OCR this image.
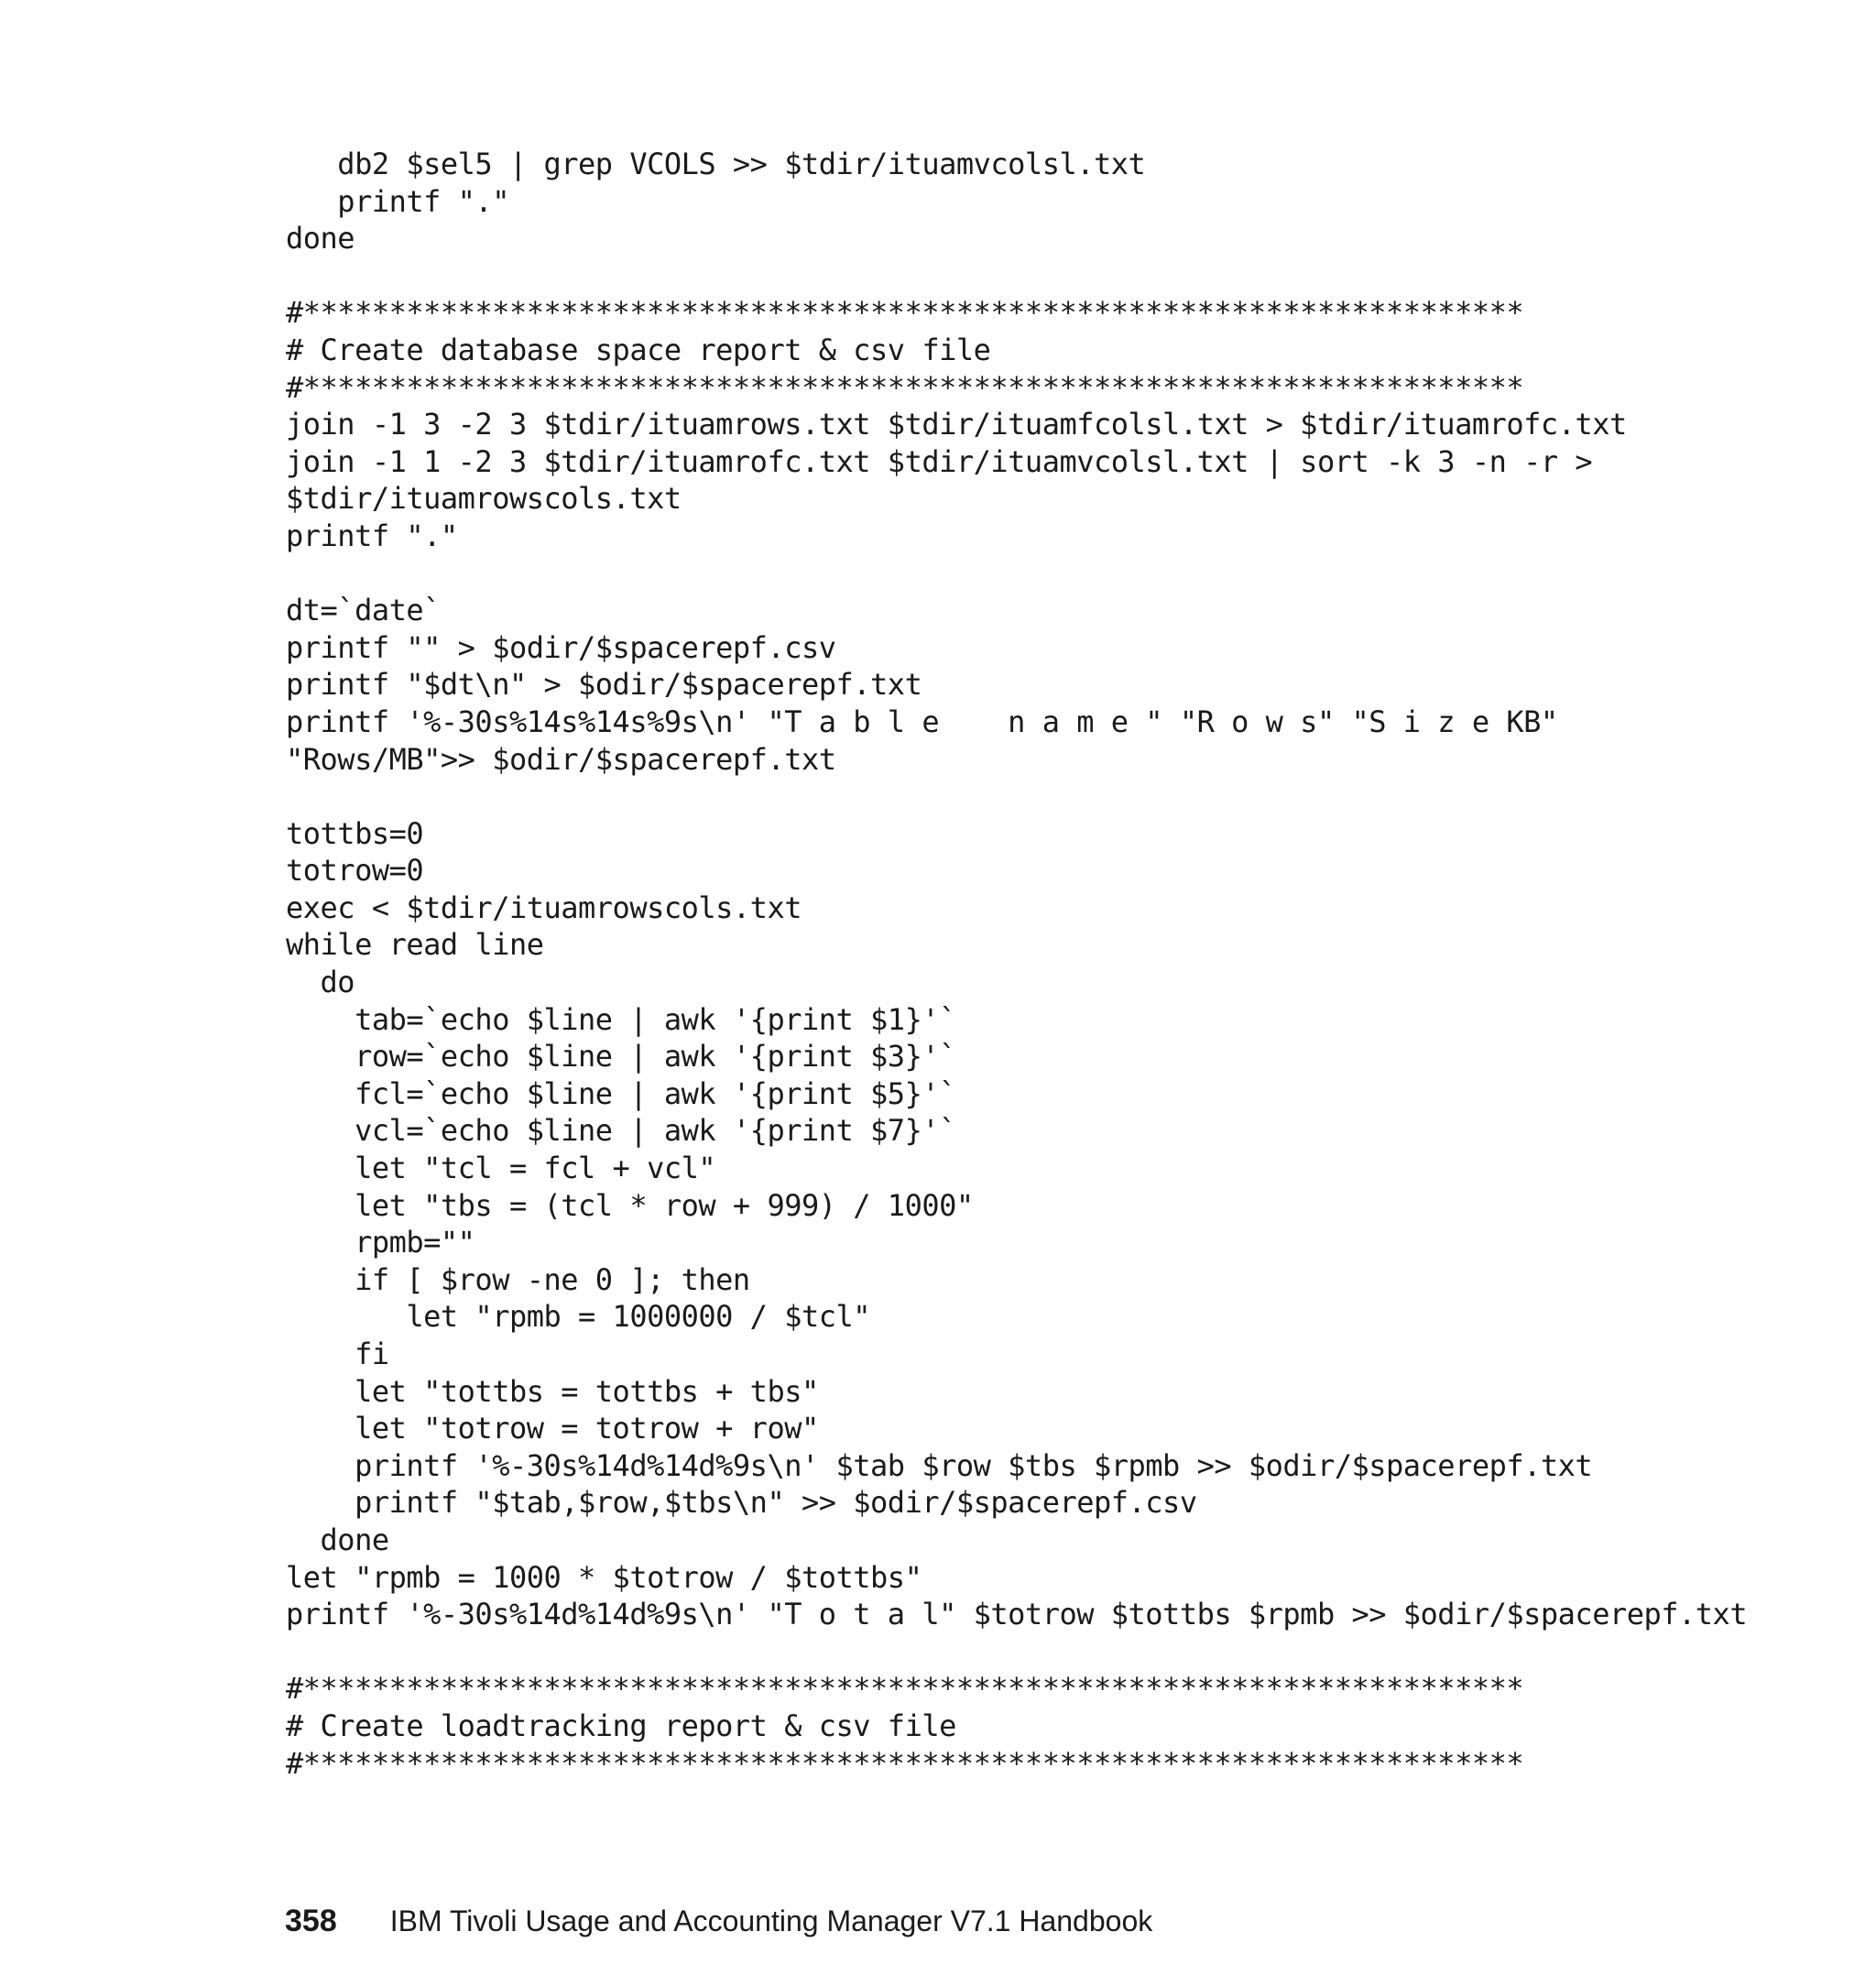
db2 $sel5 | grep VCOLS >> $tdir/ituamvcolsl.txt
printf "."
done
#***********************************************************************
# Create database space report & csv file
#***********************************************************************
join -1 3 -2 3 $tdir/ituamrows.txt $tdir/ituamfcolsl.txt > $tdir/ituamrofc.txt
join -1 1 -2 3 $tdir/ituamrofc.txt $tdir/ituamvcolsl.txt | sort -k 3 -n -r >
$tdir/ituamrowscols.txt
printf "."
dt=`date`
printf "" > $odir/$spacerepf.csv
printf "$dt\n" > $odir/$spacerepf.txt
printf '%-30s%14s%14s%9s\n' "T a b l e    n a m e " "R o w s" "S i z e KB"
"Rows/MB">> $odir/$spacerepf.txt
tottbs=0
totrow=0
exec < $tdir/ituamrowscols.txt
while read line
do
tab=`echo $line | awk '{print $1}'`
row=`echo $line | awk '{print $3}'`
fcl=`echo $line | awk '{print $5}'`
vcl=`echo $line | awk '{print $7}'`
let "tcl = fcl + vcl"
let "tbs = (tcl * row + 999) / 1000"
rpmb=""
if [ $row -ne 0 ]; then
let "rpmb = 1000000 / $tcl"
fi
let "tottbs = tottbs + tbs"
let "totrow = totrow + row"
printf '%-30s%14d%14d%9s\n' $tab $row $tbs $rpmb >> $odir/$spacerepf.txt
printf "$tab,$row,$tbs\n" >> $odir/$spacerepf.csv
done
let "rpmb = 1000 * $totrow / $tottbs"
printf '%-30s%14d%14d%9s\n' "T o t a l" $totrow $tottbs $rpmb >> $odir/$spacerepf.txt
#***********************************************************************
# Create loadtracking report & csv file
#***********************************************************************
358 IBM Tivoli Usage and Accounting Manager V7.1 Handbook
